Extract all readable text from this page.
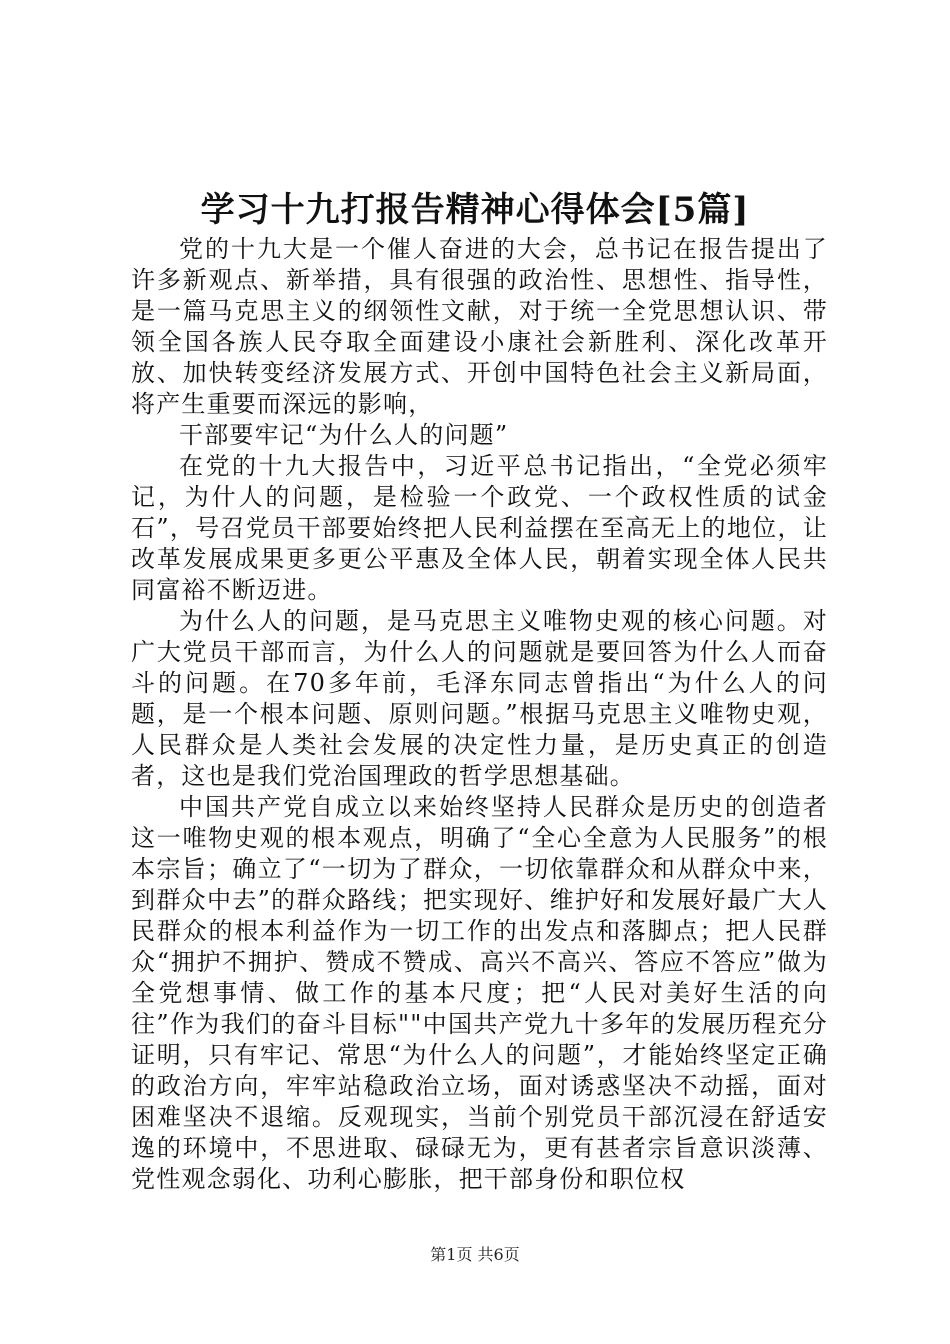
学习十九打报告精神心得体会[5篇]

党的十九大是一个催人奋进的大会，总书记在报告提出了许多新观点、新举措，具有很强的政治性、思想性、指导性，是一篇马克思主义的纲领性文献，对于统一全党思想认识、带领全国各族人民夺取全面建设小康社会新胜利、深化改革开放、加快转变经济发展方式、开创中国特色社会主义新局面，将产生重要而深远的影响，

干部要牢记“为什么人的问题”

在党的十九大报告中，习近平总书记指出，“全党必须牢记，为什人的问题，是检验一个政党、一个政权性质的试金石”，号召党员干部要始终把人民利益摆在至高无上的地位，让改革发展成果更多更公平惠及全体人民，朝着实现全体人民共同富裕不断迈进。

为什么人的问题，是马克思主义唯物史观的核心问题。对广大党员干部而言，为什么人的问题就是要回答为什么人而奋斗的问题。在70多年前，毛泽东同志曾指出“为什么人的问题，是一个根本问题、原则问题。”根据马克思主义唯物史观，人民群众是人类社会发展的决定性力量，是历史真正的创造者，这也是我们党治国理政的哲学思想基础。

中国共产党自成立以来始终坚持人民群众是历史的创造者这一唯物史观的根本观点，明确了“全心全意为人民服务”的根本宗旨；确立了“一切为了群众，一切依靠群众和从群众中来，到群众中去”的群众路线；把实现好、维护好和发展好最广大人民群众的根本利益作为一切工作的出发点和落脚点；把人民群众“拥护不拥护、赞成不赞成、高兴不高兴、答应不答应”做为全党想事情、做工作的基本尺度；把“人民对美好生活的向往”作为我们的奋斗目标""中国共产党九十多年的发展历程充分证明，只有牢记、常思“为什么人的问题”，才能始终坚定正确的政治方向，牢牢站稳政治立场，面对诱惑坚决不动摇，面对困难坚决不退缩。反观现实，当前个别党员干部沉浸在舒适安逸的环境中，不思进取、碌碌无为，更有甚者宗旨意识淡薄、党性观念弱化、功利心膨胀，把干部身份和职位权

第1页 共6页
